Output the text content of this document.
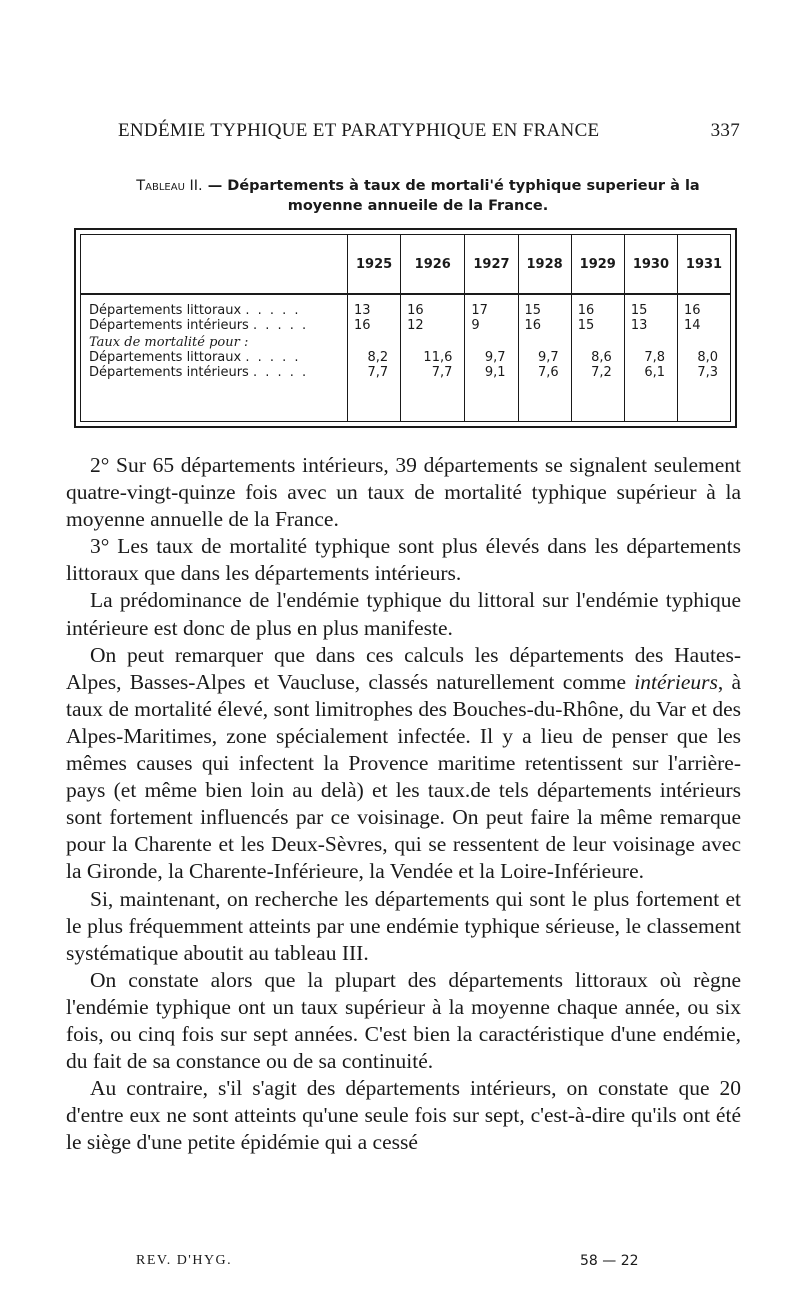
ENDÉMIE TYPHIQUE ET PARATYPHIQUE EN FRANCE	337
Tableau II. — Départements à taux de mortali'é typhique superieur à la moyenne annueile de la France.
	1925	1926	1927	1928	1929	1930	1931
Départements littoraux . . . . .	13	16	17	15	16	15	16
Départements intérieurs . . . . .	16	12	9	16	15	13	14
Taux de mortalité pour :							
Départements littoraux . . . . .	8,2	11,6	9,7	9,7	8,6	7,8	8,0
Départements intérieurs . . . . .	7,7	7,7	9,1	7,6	7,2	6,1	7,3

2° Sur 65 départements intérieurs, 39 départements se signalent seulement quatre-vingt-quinze fois avec un taux de mortalité typhique supérieur à la moyenne annuelle de la France.

3° Les taux de mortalité typhique sont plus élevés dans les départements littoraux que dans les départements intérieurs.

La prédominance de l'endémie typhique du littoral sur l'endémie typhique intérieure est donc de plus en plus manifeste.

On peut remarquer que dans ces calculs les départements des Hautes-Alpes, Basses-Alpes et Vaucluse, classés naturellement comme intérieurs, à taux de mortalité élevé, sont limitrophes des Bouches-du-Rhône, du Var et des Alpes-Maritimes, zone spécialement infectée. Il y a lieu de penser que les mêmes causes qui infectent la Provence maritime retentissent sur l'arrière-pays (et même bien loin au delà) et les taux.de tels départements intérieurs sont fortement influencés par ce voisinage. On peut faire la même remarque pour la Charente et les Deux-Sèvres, qui se ressentent de leur voisinage avec la Gironde, la Charente-Inférieure, la Vendée et la Loire-Inférieure.

Si, maintenant, on recherche les départements qui sont le plus fortement et le plus fréquemment atteints par une endémie typhique sérieuse, le classement systématique aboutit au tableau III.

On constate alors que la plupart des départements littoraux où règne l'endémie typhique ont un taux supérieur à la moyenne chaque année, ou six fois, ou cinq fois sur sept années. C'est bien la caractéristique d'une endémie, du fait de sa constance ou de sa continuité.

Au contraire, s'il s'agit des départements intérieurs, on constate que 20 d'entre eux ne sont atteints qu'une seule fois sur sept, c'est-à-dire qu'ils ont été le siège d'une petite épidémie qui a cessé

REV. D'HYG.	58 — 22
